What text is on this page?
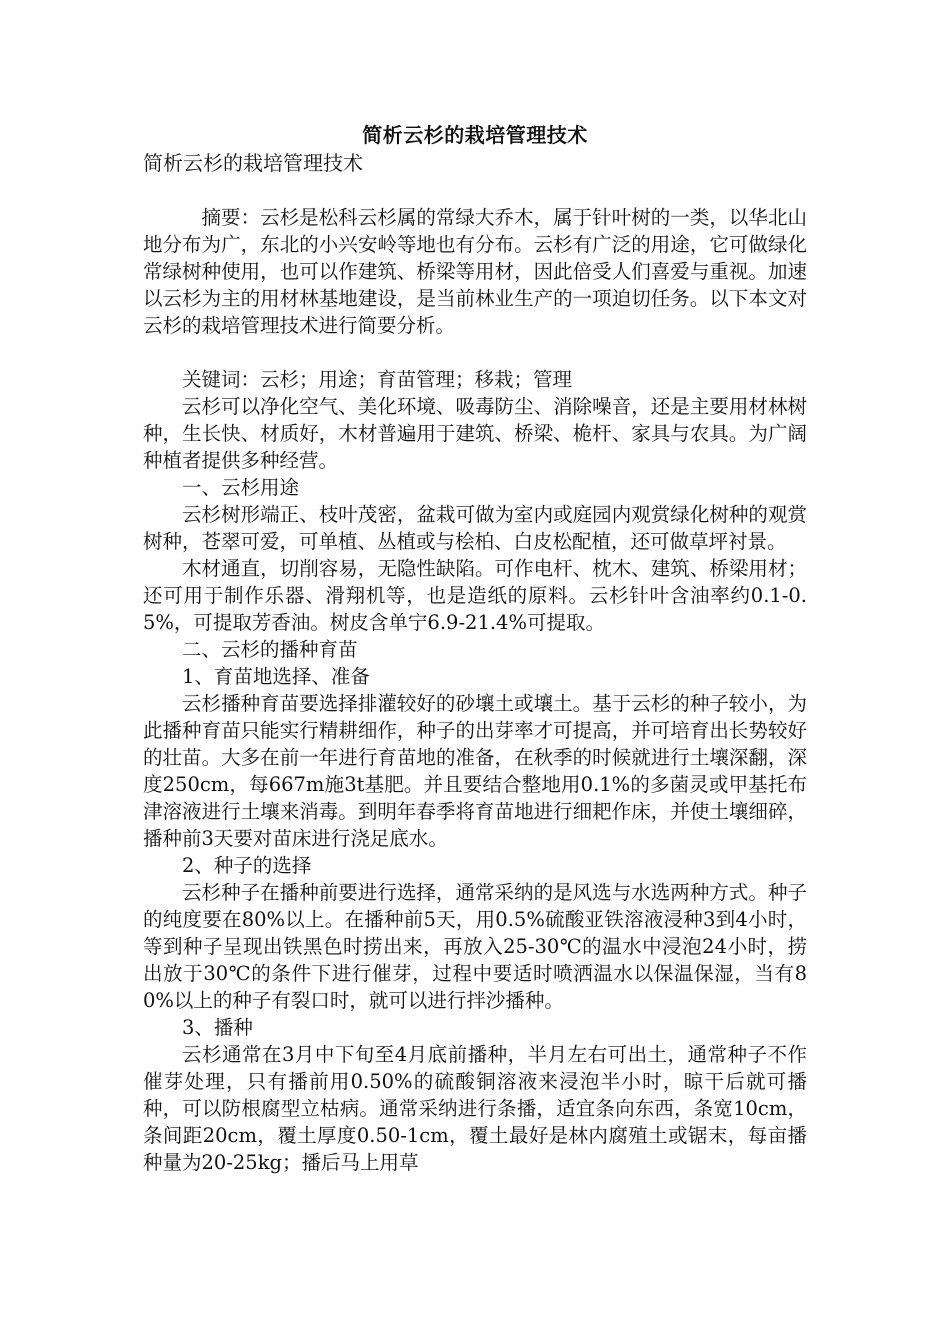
简析云杉的栽培管理技术

简析云杉的栽培管理技术

摘要：云杉是松科云杉属的常绿大乔木，属于针叶树的一类，以华北山地分布为广，东北的小兴安岭等地也有分布。云杉有广泛的用途，它可做绿化常绿树种使用，也可以作建筑、桥梁等用材，因此倍受人们喜爱与重视。加速以云杉为主的用材林基地建设，是当前林业生产的一项迫切任务。以下本文对云杉的栽培管理技术进行简要分析。

关键词：云杉；用途；育苗管理；移栽；管理

云杉可以净化空气、美化环境、吸毒防尘、消除噪音，还是主要用材林树种，生长快、材质好，木材普遍用于建筑、桥梁、桅杆、家具与农具。为广阔种植者提供多种经营。

一、云杉用途

云杉树形端正、枝叶茂密，盆栽可做为室内或庭园内观赏绿化树种的观赏树种，苍翠可爱，可单植、丛植或与桧柏、白皮松配植，还可做草坪衬景。

木材通直，切削容易，无隐性缺陷。可作电杆、枕木、建筑、桥梁用材；还可用于制作乐器、滑翔机等，也是造纸的原料。云杉针叶含油率约0.1-0.5%，可提取芳香油。树皮含单宁6.9-21.4%可提取。

二、云杉的播种育苗

1、育苗地选择、准备

云杉播种育苗要选择排灌较好的砂壤土或壤土。基于云杉的种子较小，为此播种育苗只能实行精耕细作，种子的出芽率才可提高，并可培育出长势较好的壮苗。大多在前一年进行育苗地的准备，在秋季的时候就进行土壤深翻，深度250cm，每667m施3t基肥。并且要结合整地用0.1%的多菌灵或甲基托布津溶液进行土壤来消毒。到明年春季将育苗地进行细耙作床，并使土壤细碎，播种前3天要对苗床进行浇足底水。

2、种子的选择

云杉种子在播种前要进行选择，通常采纳的是风选与水选两种方式。种子的纯度要在80%以上。在播种前5天，用0.5%硫酸亚铁溶液浸种3到4小时，等到种子呈现出铁黑色时捞出来，再放入25-30℃的温水中浸泡24小时，捞出放于30℃的条件下进行催芽，过程中要适时喷洒温水以保温保湿，当有80%以上的种子有裂口时，就可以进行拌沙播种。

3、播种

云杉通常在3月中下旬至4月底前播种，半月左右可出土，通常种子不作催芽处理，只有播前用0.50%的硫酸铜溶液来浸泡半小时，晾干后就可播种，可以防根腐型立枯病。通常采纳进行条播，适宜条向东西，条宽10cm，条间距20cm，覆土厚度0.50-1cm，覆土最好是林内腐殖土或锯末，每亩播种量为20-25kg；播后马上用草
